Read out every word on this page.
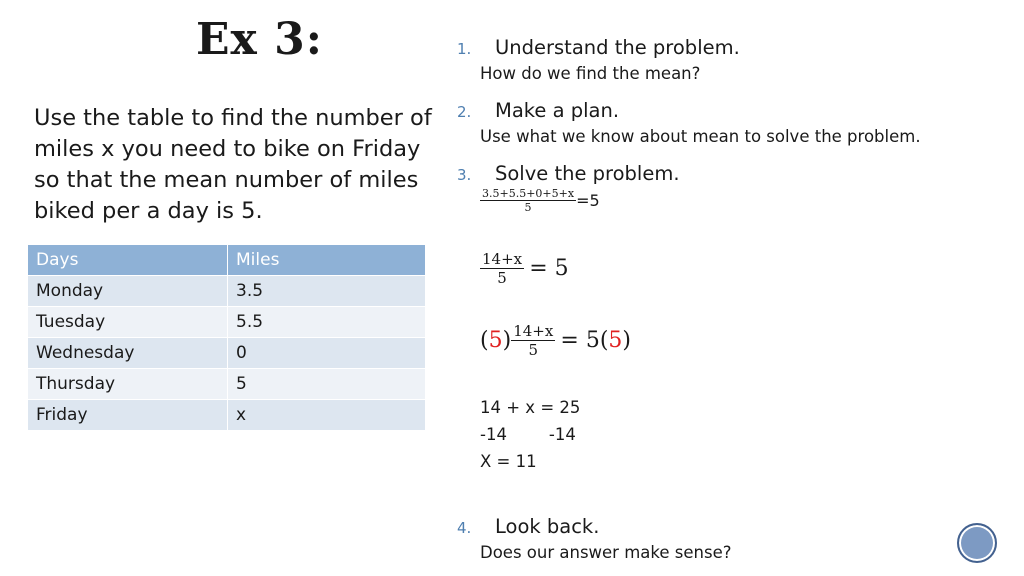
Ex 3:
Use the table to find the number of miles x you need to bike on Friday so that the mean number of miles biked per a day is 5.
Days	Miles
Monday	3.5
Tuesday	5.5
Wednesday	0
Thursday	5
Friday	x
1. Understand the problem.
How do we find the mean?
2. Make a plan.
Use what we know about mean to solve the problem.
3. Solve the problem.
$\frac{3.5+5.5+0+5+x}{5} =5$
$\frac{14+x}{5} = 5$
$(5) \frac{14+x}{5} = 5(5)$
14 + x = 25
-14        -14
X = 11
4. Look back.
Does our answer make sense?
